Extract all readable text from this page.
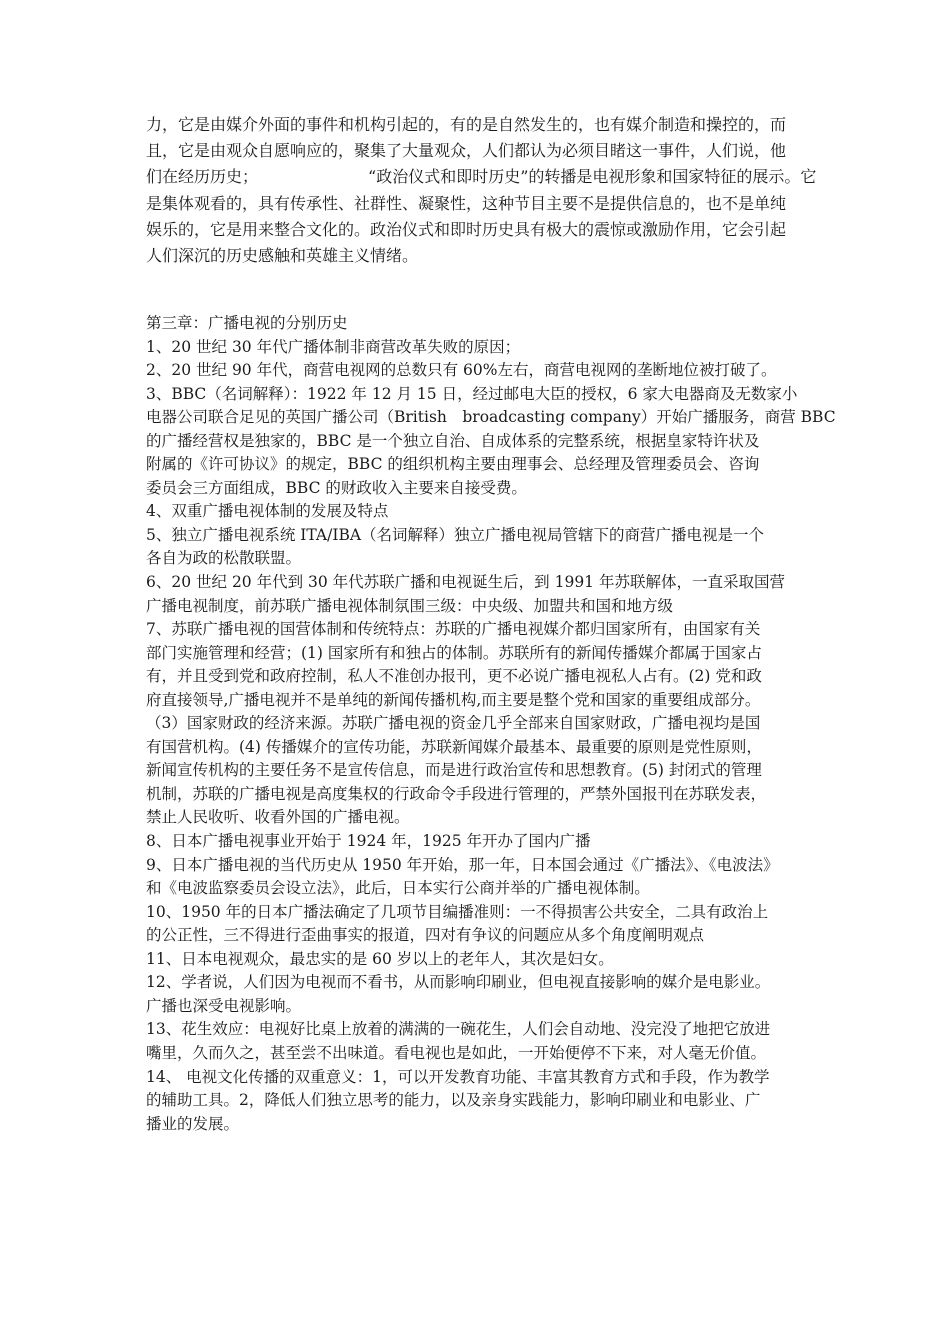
力，它是由媒介外面的事件和机构引起的，有的是自然发生的，也有媒介制造和操控的，而
且，它是由观众自愿响应的，聚集了大量观众，人们都认为必须目睹这一事件，人们说，他
们在经历历史；	“政治仪式和即时历史”的转播是电视形象和国家特征的展示。它
是集体观看的，具有传承性、社群性、凝聚性，这种节目主要不是提供信息的，也不是单纯
娱乐的，它是用来整合文化的。政治仪式和即时历史具有极大的震惊或激励作用，它会引起
人们深沉的历史感触和英雄主义情绪。
第三章：广播电视的分别历史
1、20 世纪 30 年代广播体制非商营改革失败的原因；
2、20 世纪 90 年代，商营电视网的总数只有 60%左右，商营电视网的垄断地位被打破了。
3、BBC（名词解释）：1922 年 12 月 15 日，经过邮电大臣的授权，6 家大电器商及无数家小
电器公司联合足见的英国广播公司（British　broadcasting company）开始广播服务，商营 BBC
的广播经营权是独家的，BBC 是一个独立自治、自成体系的完整系统，根据皇家特许状及
附属的《许可协议》的规定，BBC 的组织机构主要由理事会、总经理及管理委员会、咨询
委员会三方面组成，BBC 的财政收入主要来自接受费。
4、双重广播电视体制的发展及特点
5、独立广播电视系统 ITA/IBA（名词解释）独立广播电视局管辖下的商营广播电视是一个
各自为政的松散联盟。
6、20 世纪 20 年代到 30 年代苏联广播和电视诞生后，到 1991 年苏联解体，一直采取国营
广播电视制度，前苏联广播电视体制氛围三级：中央级、加盟共和国和地方级
7、苏联广播电视的国营体制和传统特点：苏联的广播电视媒介都归国家所有，由国家有关
部门实施管理和经营；(1) 国家所有和独占的体制。苏联所有的新闻传播媒介都属于国家占
有，并且受到党和政府控制，私人不准创办报刊，更不必说广播电视私人占有。(2) 党和政
府直接领导,广播电视并不是单纯的新闻传播机构,而主要是整个党和国家的重要组成部分。
（3）国家财政的经济来源。苏联广播电视的资金几乎全部来自国家财政，广播电视均是国
有国营机构。(4) 传播媒介的宣传功能，苏联新闻媒介最基本、最重要的原则是党性原则，
新闻宣传机构的主要任务不是宣传信息，而是进行政治宣传和思想教育。(5) 封闭式的管理
机制，苏联的广播电视是高度集权的行政命令手段进行管理的，严禁外国报刊在苏联发表，
禁止人民收听、收看外国的广播电视。
8、日本广播电视事业开始于 1924 年，1925 年开办了国内广播
9、日本广播电视的当代历史从 1950 年开始，那一年，日本国会通过《广播法》、《电波法》
和《电波监察委员会设立法》，此后，日本实行公商并举的广播电视体制。
10、1950 年的日本广播法确定了几项节目编播准则：一不得损害公共安全，二具有政治上
的公正性，三不得进行歪曲事实的报道，四对有争议的问题应从多个角度阐明观点
11、日本电视观众，最忠实的是 60 岁以上的老年人，其次是妇女。
12、学者说，人们因为电视而不看书，从而影响印刷业，但电视直接影响的媒介是电影业。
广播也深受电视影响。
13、花生效应：电视好比桌上放着的满满的一碗花生，人们会自动地、没完没了地把它放进
嘴里，久而久之，甚至尝不出味道。看电视也是如此，一开始便停不下来，对人毫无价值。
14、 电视文化传播的双重意义：1，可以开发教育功能、丰富其教育方式和手段，作为教学
的辅助工具。2，降低人们独立思考的能力，以及亲身实践能力，影响印刷业和电影业、广
播业的发展。
